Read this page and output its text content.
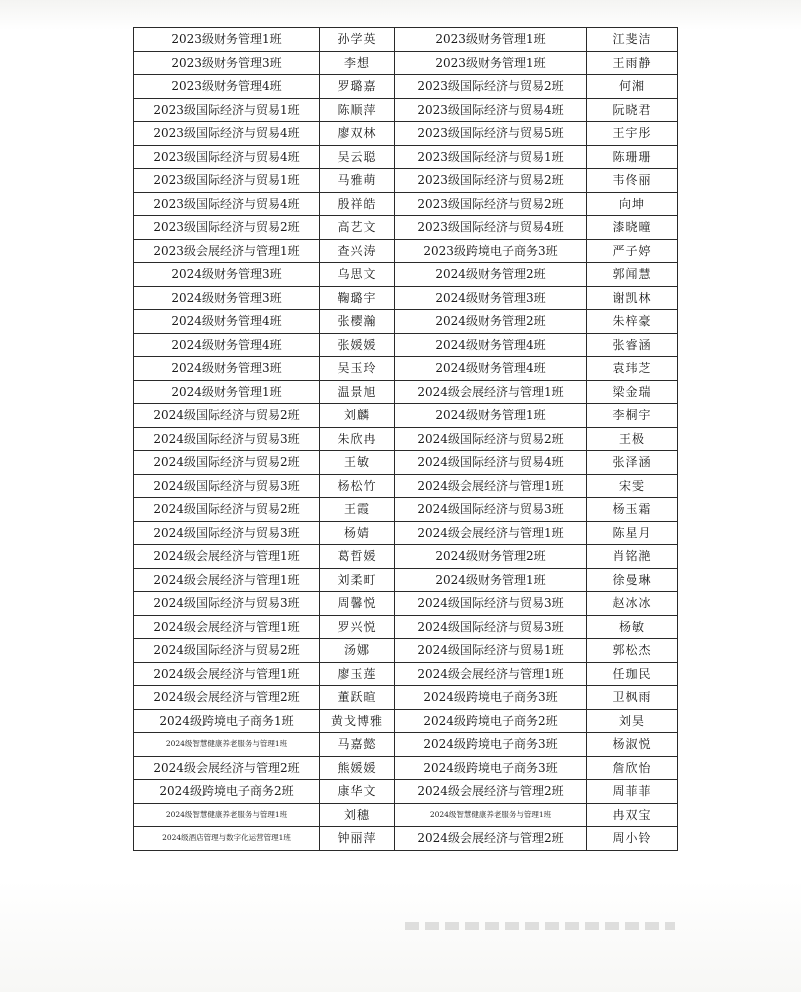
2023级财务管理1班	孙学英	2023级财务管理1班	江斐洁
2023级财务管理3班	李想	2023级财务管理1班	王雨静
2023级财务管理4班	罗璐嘉	2023级国际经济与贸易2班	何湘
2023级国际经济与贸易1班	陈顺萍	2023级国际经济与贸易4班	阮晓君
2023级国际经济与贸易4班	廖双林	2023级国际经济与贸易5班	王宇彤
2023级国际经济与贸易4班	吴云聪	2023级国际经济与贸易1班	陈珊珊
2023级国际经济与贸易1班	马雅萌	2023级国际经济与贸易2班	韦佟丽
2023级国际经济与贸易4班	殷祥皓	2023级国际经济与贸易2班	向坤
2023级国际经济与贸易2班	高艺文	2023级国际经济与贸易4班	漆晓曈
2023级会展经济与管理1班	查兴涛	2023级跨境电子商务3班	严子婷
2024级财务管理3班	乌思文	2024级财务管理2班	郭闻慧
2024级财务管理3班	鞠璐宇	2024级财务管理3班	谢凯林
2024级财务管理4班	张樱瀚	2024级财务管理2班	朱梓豪
2024级财务管理4班	张媛媛	2024级财务管理4班	张睿涵
2024级财务管理3班	吴玉玲	2024级财务管理4班	袁玮芝
2024级财务管理1班	温景旭	2024级会展经济与管理1班	梁金瑞
2024级国际经济与贸易2班	刘麟	2024级财务管理1班	李桐宇
2024级国际经济与贸易3班	朱欣冉	2024级国际经济与贸易2班	王极
2024级国际经济与贸易2班	王敏	2024级国际经济与贸易4班	张泽涵
2024级国际经济与贸易3班	杨松竹	2024级会展经济与管理1班	宋雯
2024级国际经济与贸易2班	王霞	2024级国际经济与贸易3班	杨玉霜
2024级国际经济与贸易3班	杨婧	2024级会展经济与管理1班	陈星月
2024级会展经济与管理1班	葛哲媛	2024级财务管理2班	肖铭滟
2024级会展经济与管理1班	刘柔町	2024级财务管理1班	徐曼琳
2024级国际经济与贸易3班	周馨悦	2024级国际经济与贸易3班	赵冰冰
2024级会展经济与管理1班	罗兴悦	2024级国际经济与贸易3班	杨敏
2024级国际经济与贸易2班	汤娜	2024级国际经济与贸易1班	郭松杰
2024级会展经济与管理1班	廖玉莲	2024级会展经济与管理1班	任珈民
2024级会展经济与管理2班	董跃暄	2024级跨境电子商务3班	卫枫雨
2024级跨境电子商务1班	黄戈博雅	2024级跨境电子商务2班	刘昊
2024级智慧健康养老服务与管理1班	马嘉懿	2024级跨境电子商务3班	杨淑悦
2024级会展经济与管理2班	熊媛媛	2024级跨境电子商务3班	詹欣怡
2024级跨境电子商务2班	康华文	2024级会展经济与管理2班	周菲菲
2024级智慧健康养老服务与管理1班	刘穗	2024级智慧健康养老服务与管理1班	冉双宝
2024级酒店管理与数字化运营管理1班	钟丽萍	2024级会展经济与管理2班	周小铃
